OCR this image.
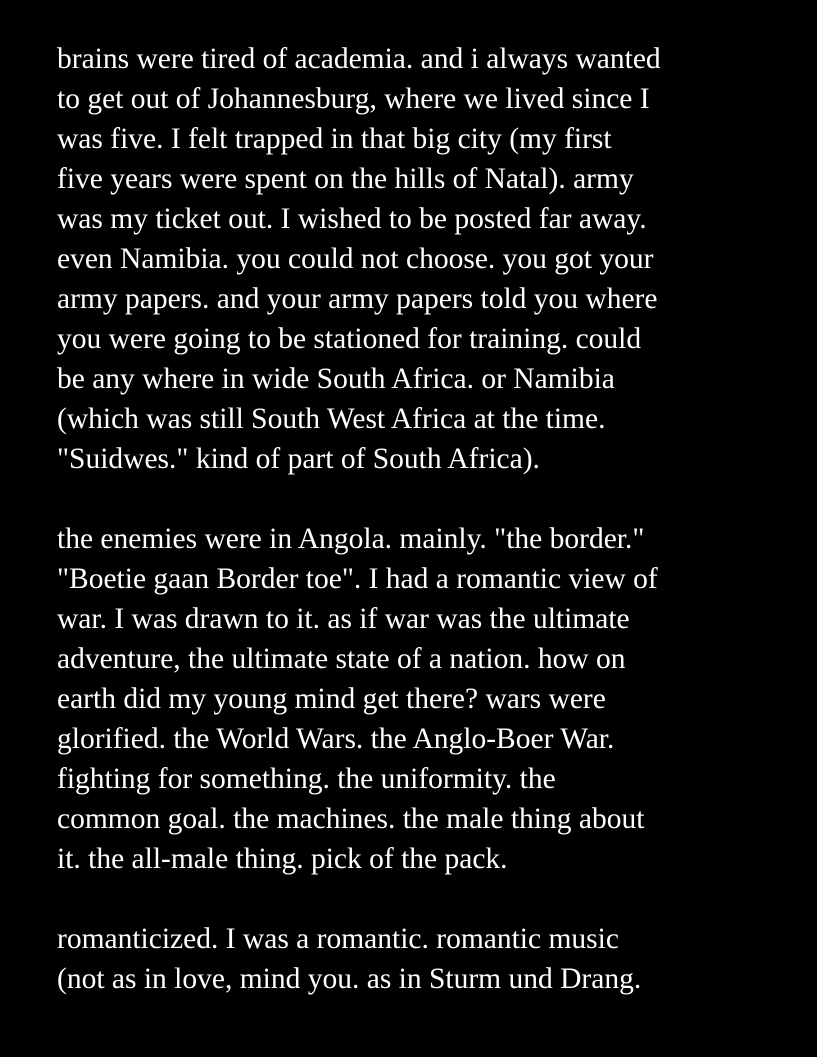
brains were tired of academia. and i always wanted
to get out of Johannesburg, where we lived since I
was five. I felt trapped in that big city (my first
five years were spent on the hills of Natal). army
was my ticket out. I wished to be posted far away.
even Namibia. you could not choose. you got your
army papers. and your army papers told you where
you were going to be stationed for training. could
be any where in wide South Africa. or Namibia
(which was still South West Africa at the time.
"Suidwes." kind of part of South Africa).
the enemies were in Angola. mainly. "the border."
"Boetie gaan Border toe". I had a romantic view of
war. I was drawn to it. as if war was the ultimate
adventure, the ultimate state of a nation. how on
earth did my young mind get there? wars were
glorified. the World Wars. the Anglo-Boer War.
fighting for something. the uniformity. the
common goal. the machines. the male thing about
it. the all-male thing. pick of the pack.
romanticized. I was a romantic. romantic music
(not as in love, mind you. as in Sturm und Drang.
